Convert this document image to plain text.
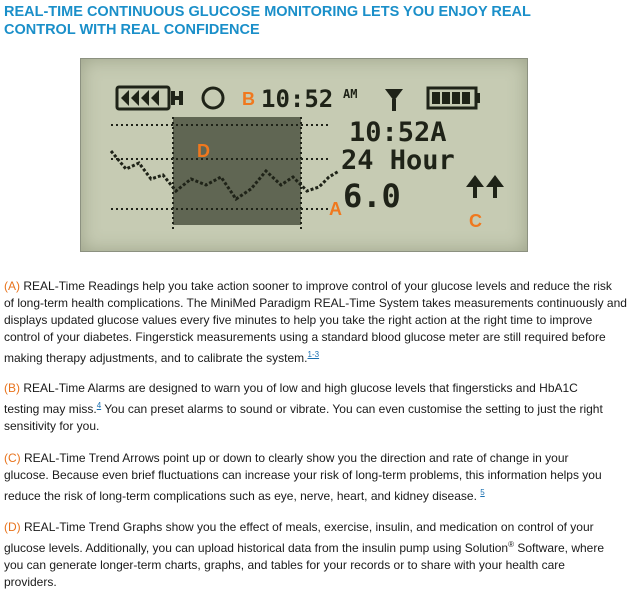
REAL-TIME CONTINUOUS GLUCOSE MONITORING LETS YOU ENJOY REAL
CONTROL WITH REAL CONFIDENCE
10:52 AM
10:52A
24 Hour
6.0
A
B
C
D
(A) REAL-Time Readings help you take action sooner to improve control of your glucose levels and reduce the risk
of long-term health complications. The MiniMed Paradigm REAL-Time System takes measurements continuously and
displays updated glucose values every five minutes to help you take the right action at the right time to improve
control of your diabetes. Fingerstick measurements using a standard blood glucose meter are still required before
making therapy adjustments, and to calibrate the system.$^{1-3}$
(B) REAL-Time Alarms are designed to warn you of low and high glucose levels that fingersticks and HbA1C
testing may miss.$^4$ You can preset alarms to sound or vibrate. You can even customise the setting to just the right
sensitivity for you.
(C) REAL-Time Trend Arrows point up or down to clearly show you the direction and rate of change in your
glucose. Because even brief fluctuations can increase your risk of long-term problems, this information helps you
reduce the risk of long-term complications such as eye, nerve, heart, and kidney disease. $^5$
(D) REAL-Time Trend Graphs show you the effect of meals, exercise, insulin, and medication on control of your
glucose levels. Additionally, you can upload historical data from the insulin pump using Solution® Software, where
you can generate longer-term charts, graphs, and tables for your records or to share with your health care
providers.
